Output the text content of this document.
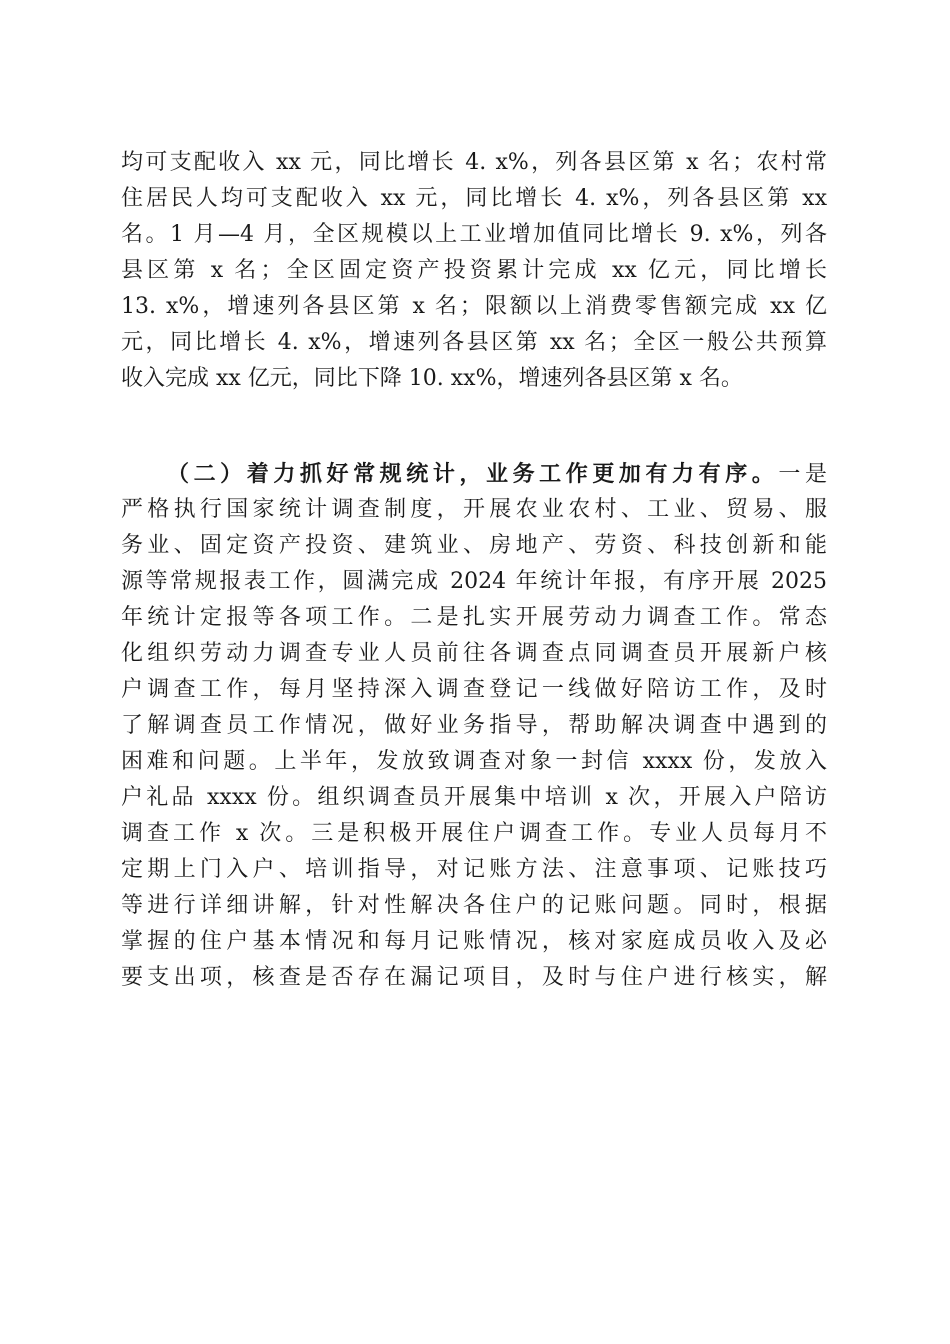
均可支配收入 xx 元，同比增长 4. x%，列各县区第 x 名；农村常
住居民人均可支配收入 xx 元，同比增长 4. x%，列各县区第 xx
名。1 月—4 月，全区规模以上工业增加值同比增长 9. x%，列各
县区第 x 名；全区固定资产投资累计完成 xx 亿元，同比增长
13. x%，增速列各县区第 x 名；限额以上消费零售额完成 xx 亿
元，同比增长 4. x%，增速列各县区第 xx 名；全区一般公共预算
收入完成 xx 亿元，同比下降 10. xx%，增速列各县区第 x 名。
（二）着力抓好常规统计，业务工作更加有力有序。一是
严格执行国家统计调查制度，开展农业农村、工业、贸易、服
务业、固定资产投资、建筑业、房地产、劳资、科技创新和能
源等常规报表工作，圆满完成 2024 年统计年报，有序开展 2025
年统计定报等各项工作。二是扎实开展劳动力调查工作。常态
化组织劳动力调查专业人员前往各调查点同调查员开展新户核
户调查工作，每月坚持深入调查登记一线做好陪访工作，及时
了解调查员工作情况，做好业务指导，帮助解决调查中遇到的
困难和问题。上半年，发放致调查对象一封信 xxxx 份，发放入
户礼品 xxxx 份。组织调查员开展集中培训 x 次，开展入户陪访
调查工作 x 次。三是积极开展住户调查工作。专业人员每月不
定期上门入户、培训指导，对记账方法、注意事项、记账技巧
等进行详细讲解，针对性解决各住户的记账问题。同时，根据
掌握的住户基本情况和每月记账情况，核对家庭成员收入及必
要支出项，核查是否存在漏记项目，及时与住户进行核实，解
